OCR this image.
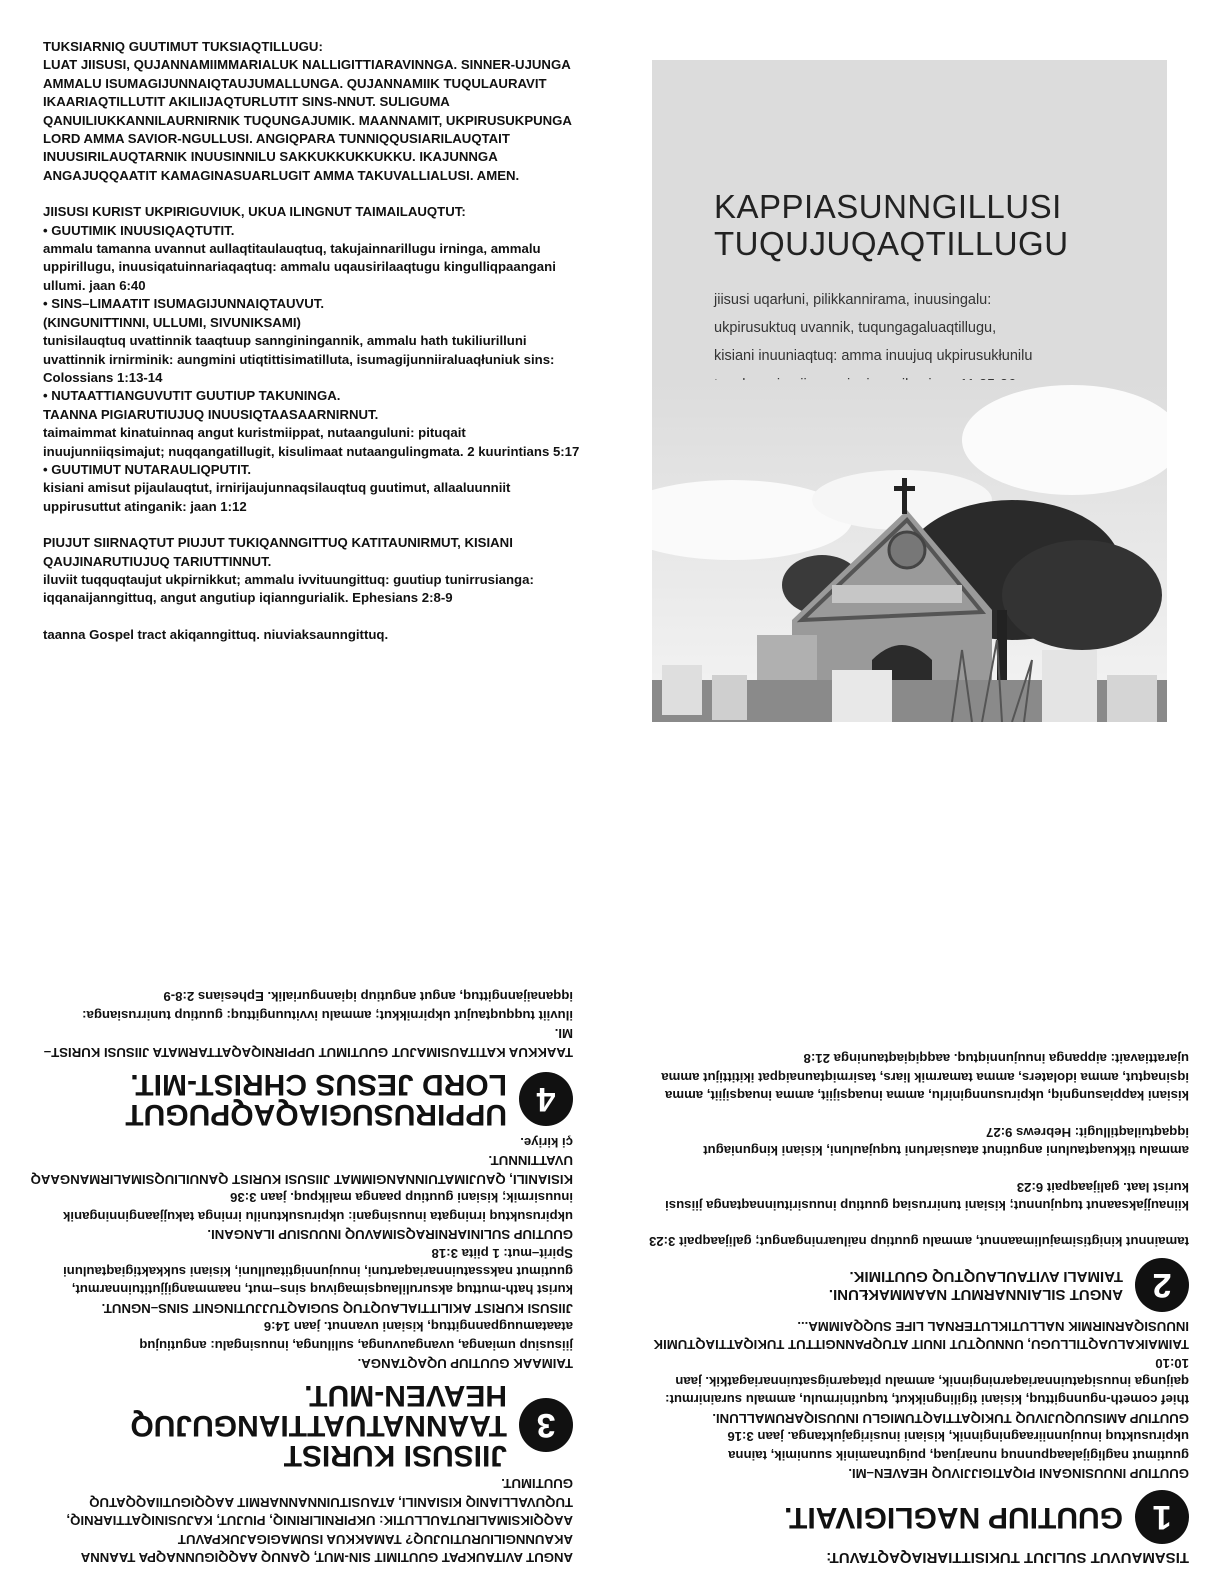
TUKSIARNIQ GUUTIMUT TUKSIAQTILLUGU:
LUAT JIISUSI, QUJANNAMIIMMARIALUK NALLIGITTIARAVINNGA. SINNER-UJUNGA AMMALU ISUMAGIJUNNAIQTAUJUMALLUNGA. QUJANNAMIIK TUQULAURAVIT IKAARIAQTILLUTIT AKILIIJAQTURLUTIT SINS-NNUT. SULIGUMA QANUILIUKKANNILAURNIRNIK TUQUNGAJUMIK. MAANNAMIT, UKPIRUSUKPUNGA LORD AMMA SAVIOR-NGULLUSI. ANGIQPARA TUNNIQQUSIARILAUQTAIT INUUSIRILAUQTARNIK INUUSINNILU SAKKUKKUKKUKKU. IKAJUNNGA ANGAJUQQAATIT KAMAGINASUARLUGIT AMMA TAKUVALLIALUSI. AMEN.

JIISUSI KURIST UKPIRIGUVIUK, UKUA ILINGNUT TAIMAILAUQTUT:

• GUUTIMIK INUUSIQAQTUTIT.

ammalu tamanna uvannut aullaqtitaulauqtuq, takujainnarillugu irninga, ammalu uppirillugu, inuusiqatuinnariaqaqtuq: ammalu uqausirilaaqtugu kingulliqpaangani ullumi. jaan 6:40

• SINS–LIMAATIT ISUMAGIJUNNAIQTAUVUT.
(KINGUNITTINNI, ULLUMI, SIVUNIKSAMI)

tunisilauqtuq uvattinnik taaqtuup sannginingannik, ammalu hath tukiliurilluni uvattinnik irnirminik: aungmini utiqtittisimatilluta, isumagijunniiraluaqłuniuk sins: Colossians 1:13-14

• NUTAATTIANGUVUTIT GUUTIUP TAKUNINGA.
TAANNA PIGIARUTIUJUQ INUUSIQTAASAARNIRNUT.

taimaimmat kinatuinnaq angut kuristmiippat, nutaanguluni: pituqait inuujunniiqsimajut; nuqqangatillugit, kisulimaat nutaangulingmata. 2 kuurintians 5:17

• GUUTIMUT NUTARAULIQPUTIT.

kisiani amisut pijaulauqtut, irnirijaujunnaqsilauqtuq guutimut, allaaluunniit uppirusuttut atinganik: jaan 1:12

PIUJUT SIIRNAQTUT PIUJUT TUKIQANNGITTUQ KATITAUNIRMUT, KISIANI QAUJINARUTIUJUQ TARIUTTINNUT.

iluviit tuqquqtaujut ukpirnikkut; ammalu ivvituungittuq: guutiup tunirrusianga: iqqanaijanngittuq, angut angutiup iqiannguriaIik. Ephesians 2:8-9

taanna Gospel tract akiqanngittuq. niuviaksaunngittuq.

KAPPIASUNNGILLUSI
TUQUJUQAQTILLUGU

jiisusi uqarłuni, pilikkannirama, inuusingalu:
ukpirusuktuq uvannik, tuqungagaluaqtillugu,
kisiani inuuniaqtuq: amma inuujuq ukpirusukłunilu

ANGUT AVITAUKPAT GUUTIMIT SIN-MUT, QANUQ AAQQIGUNNAQPA TAANNA AKAUNNGILIURUTIUJUQ? TAMAKKUA ISUMAGIGAJUKPAVUT AAQQIKSIMALIRUTAULLUTIK: UKPIRNILIRINIQ, PIUJUT, KAJUSINIQATTIARNIQ, TUQUVALLIANIQ KISIANILI, ATAUSITUINNANNARMIT AAQQIGUTIIAQQATUQ GUUTIMUT.

3

JIISUSI KURIST

TAANNATUATTIANGUJUQ

HEAVEN-MUT.

TAIMAAK GUUTIUP UQAQTANGA.

jiisusiup umianga, uvangauvunga, sulilunga, inuusingalu: angutiujuq ataatamuugpanngittuq, kisiani uvannut. jaan 14:6

JIISUSI KURIST AKILITTIALAUQTUQ SUGIAQTUJJUTINGNIT SINS–NGNUT.

kurist hath-muttuq aksurulilauqsimagivuq sins–mut, naammangijjutituinnarmut, guutimut nakssatuinnariaqartuni, inuujunnigtitaulluni, kisiani sukkaktigiaqtauluni Spirit–mut: 1 piita 3:18

GUUTIUP SULINIARNIRAQSIMAVUQ INUUSIUP ILANGANI.

ukpirusuktuq irningata inuusingani: ukpirusuktunilu irninga takujjaanginninganik inuusirmik; kisiani guutiup paanga malikpuq. jaan 3:36

KISIANILI, QAUJIMATUINNANGIMMAT JIISUSI KURIST QANUILIUQSIMALIRMANGAAQ UVATTINNUT.

çi kiriye.

4

UPPIRUSUGIAQAQPUGUT

LORD JESUS CHRIST-MIT.

TAAKKUA KATITAUSIMAJUT GUUTIMUT UPPIRNIQAQATTARMATA JIISUSI KURIST–MI.

iluviit tuqquqtaujut ukpirnikkut; ammalu ivvituungittuq: guutiup tunirrusianga: iqqanaijanngittuq, angut angutiup iqiannguriaIik. Ephesians 2:8-9

TISAMAUVUT SULIJUT TUKISITTIARIAQAQTAVUT:

1

GUUTIUP NAGLIGIVAIT.

GUUTIUP INUUSINGANI PIQATIGIJJIVUQ HEAVEN–MI.

guutimut nagligijalaaqpunnuq nunarjuaq, puigutnaminik suunimik, tainna ukpirusuktuq inuujunniiraagninginnik, kisiani inusirigajuktanga. jaan 3:16

GUUTIUP AMISUUQUJIVUQ TUKIQATTIAQTUMIGLU INUUSIQARUMALLUNI.

thief cometh-ngunngittuq, kisiani tigilingnikkut, tuqutinirmulu, ammalu surainirmut: qaijunga inuusiqatuinnariaqarninginnik, ammalu pitaqarnigsatuinnariagatkik. jaan 10:10

TAIMAIKALUAQTILLUGU, UNNUQTUT INUIT ATUQPANNGITTUT TUKIQATTIAQTUMIK INUUSIQARNIRMIK NALLUTIKLUTERNAL LIFE SUQQAIMMA...

2

ANGUT SILAINNARMUT NAAMMAKŁUNI.

TAIMALI AVITAULAUQTUQ GUUTIMIK.

tamainnut kinigtisimajulimaannut, ammalu guutiup nailuarningangut; galijaaqpait 3:23

kiinaujjaksaanut tuqujunnut; kisiani tunirrusiaq guutiup inuusirituinnaqtanga jiisusi kurist laat. galijaaqpait 6:23

ammalu tikkuaqtauluni angutinut atausiarluni tuqujauluni, kisiani kinguniagut iqqaqtuilaqtillugit: Hebrews 9:27

kisiani kappiasungniq, ukpirusunnginirlu, amma inuaqsijiit, amma inuaqsijiit, amma iqsinaqtut, amma idolaters, amma tamarmik liars, tasirmiqtaunaiqpat ikitittijut amma ujarattiavait: aippanga inuujunniqtuq. aaqqiqiaqtauninga 21:8
